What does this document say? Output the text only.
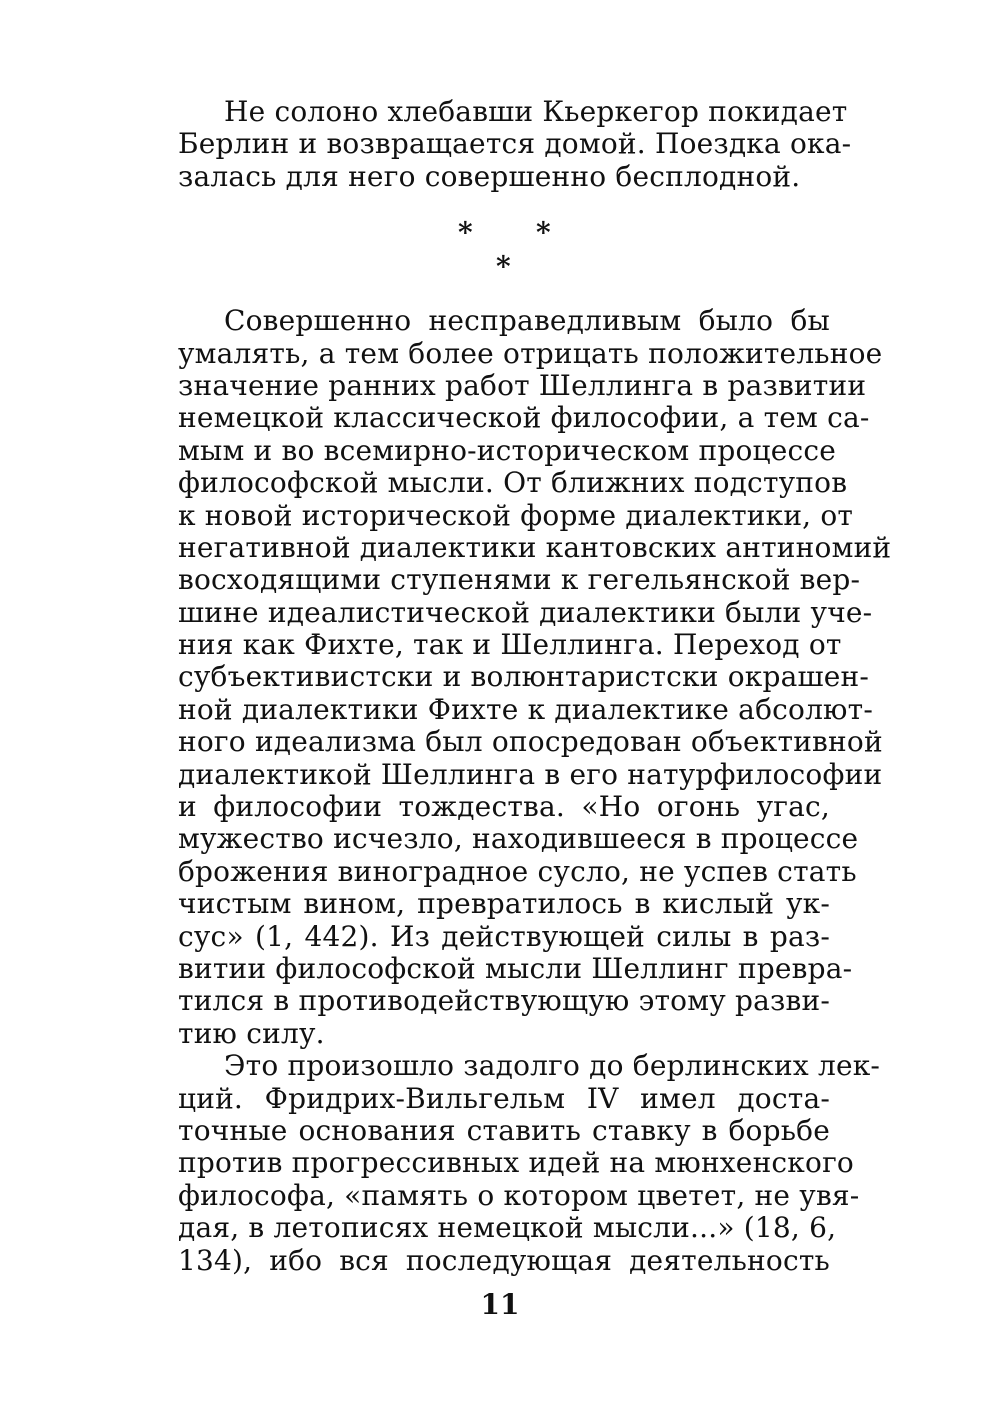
Не солоно хлебавши Кьеркегор покидает
Берлин и возвращается домой. Поездка ока-
залась для него совершенно бесплодной.
* *
*
Совершенно несправедливым было бы
умалять, а тем более отрицать положительное
значение ранних работ Шеллинга в развитии
немецкой классической философии, а тем са-
мым и во всемирно-историческом процессе
философской мысли. От ближних подступов
к новой исторической форме диалектики, от
негативной диалектики кантовских антиномий
восходящими ступенями к гегельянской вер-
шине идеалистической диалектики были уче-
ния как Фихте, так и Шеллинга. Переход от
субъективистски и волюнтаристски окрашен-
ной диалектики Фихте к диалектике абсолют-
ного идеализма был опосредован объективной
диалектикой Шеллинга в его натурфилософии
и философии тождества. «Но огонь угас,
мужество исчезло, находившееся в процессе
брожения виноградное сусло, не успев стать
чистым вином, превратилось в кислый ук-
сус» (1, 442). Из действующей силы в раз-
витии философской мысли Шеллинг превра-
тился в противодействующую этому разви-
тию силу.
Это произошло задолго до берлинских лек-
ций. Фридрих-Вильгельм IV имел доста-
точные основания ставить ставку в борьбе
против прогрессивных идей на мюнхенского
философа, «память о котором цветет, не увя-
дая, в летописях немецкой мысли...» (18, 6,
134), ибо вся последующая деятельность
11
